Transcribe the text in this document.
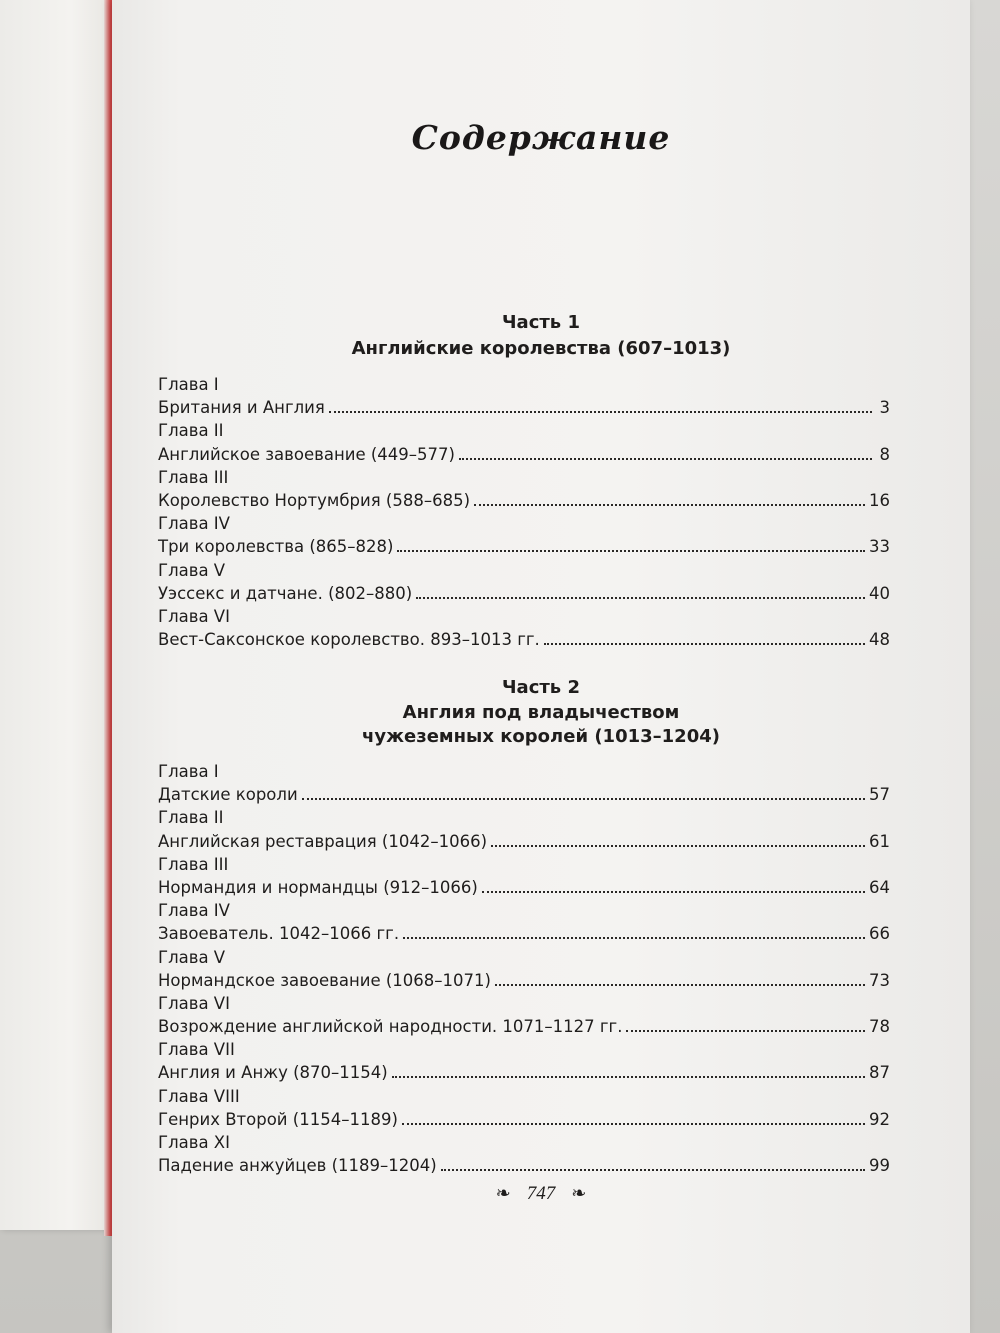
Содержание
Часть 1
Английские королевства (607–1013)
Глава I
Британия и Англия	3
Глава II
Английское завоевание (449–577)	8
Глава III
Королевство Нортумбрия (588–685)	16
Глава IV
Три королевства (865–828)	33
Глава V
Уэссекс и датчане. (802–880)	40
Глава VI
Вест-Саксонское королевство. 893–1013 гг.	48
Часть 2
Англия под владычеством
чужеземных королей (1013–1204)
Глава I
Датские короли	57
Глава II
Английская реставрация (1042–1066)	61
Глава III
Нормандия и нормандцы (912–1066)	64
Глава IV
Завоеватель. 1042–1066 гг.	66
Глава V
Нормандское завоевание (1068–1071)	73
Глава VI
Возрождение английской народности. 1071–1127 гг.	78
Глава VII
Англия и Анжу (870–1154)	87
Глава VIII
Генрих Второй (1154–1189)	92
Глава XI
Падение анжуйцев (1189–1204)	99
❧ 747 ❧
